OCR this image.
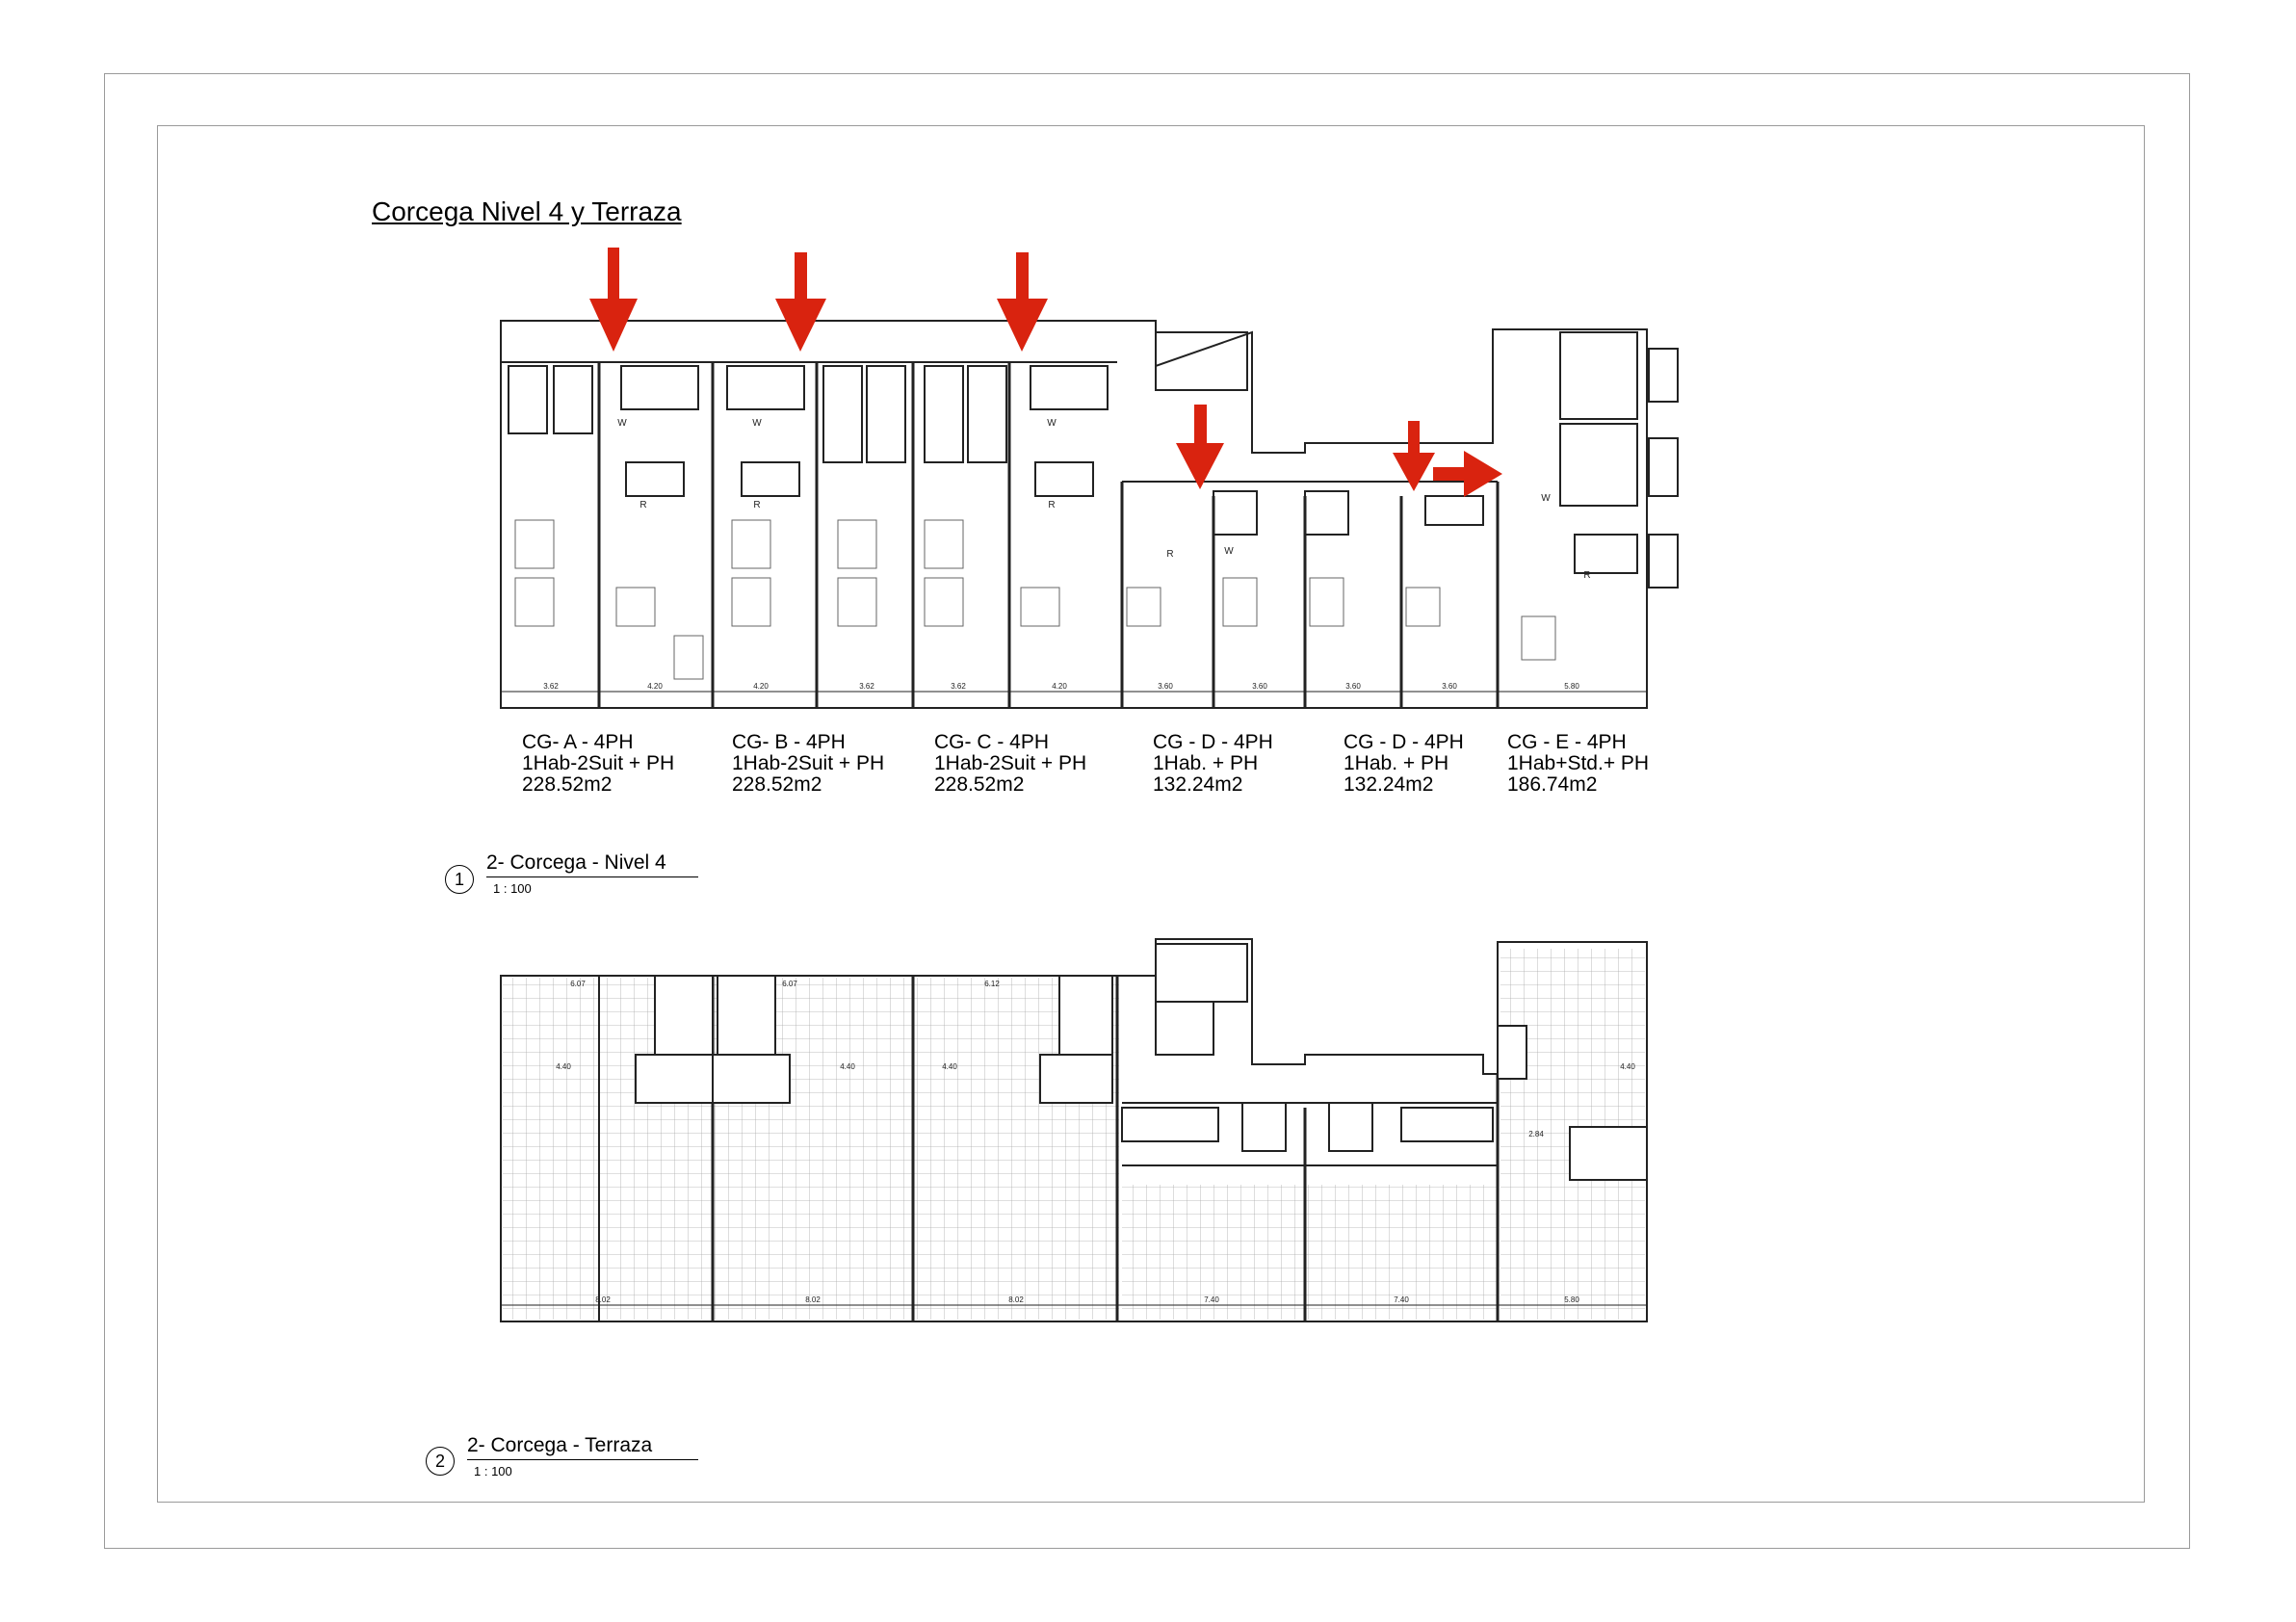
Corcega Nivel 4 y Terraza
3.62	4.20	4.20	3.62	3.62	4.20	3.60	3.60	3.60	3.60	5.80
R	R	R
R
R
W	W	W
W
W
CG- A - 4PH
1Hab-2Suit + PH
228.52m2
CG- B - 4PH
1Hab-2Suit + PH
228.52m2
CG- C - 4PH
1Hab-2Suit + PH
228.52m2
CG - D - 4PH
1Hab. + PH
132.24m2
CG - D - 4PH
1Hab. + PH
132.24m2
CG - E - 4PH
1Hab+Std.+ PH
186.74m2
1
2- Corcega - Nivel 4
1 : 100
8.02	8.02	8.02	7.40	7.40	5.80
6.07	6.07	6.12
4.40	4.40	4.40	4.40
2.84
2
2- Corcega - Terraza
1 : 100
